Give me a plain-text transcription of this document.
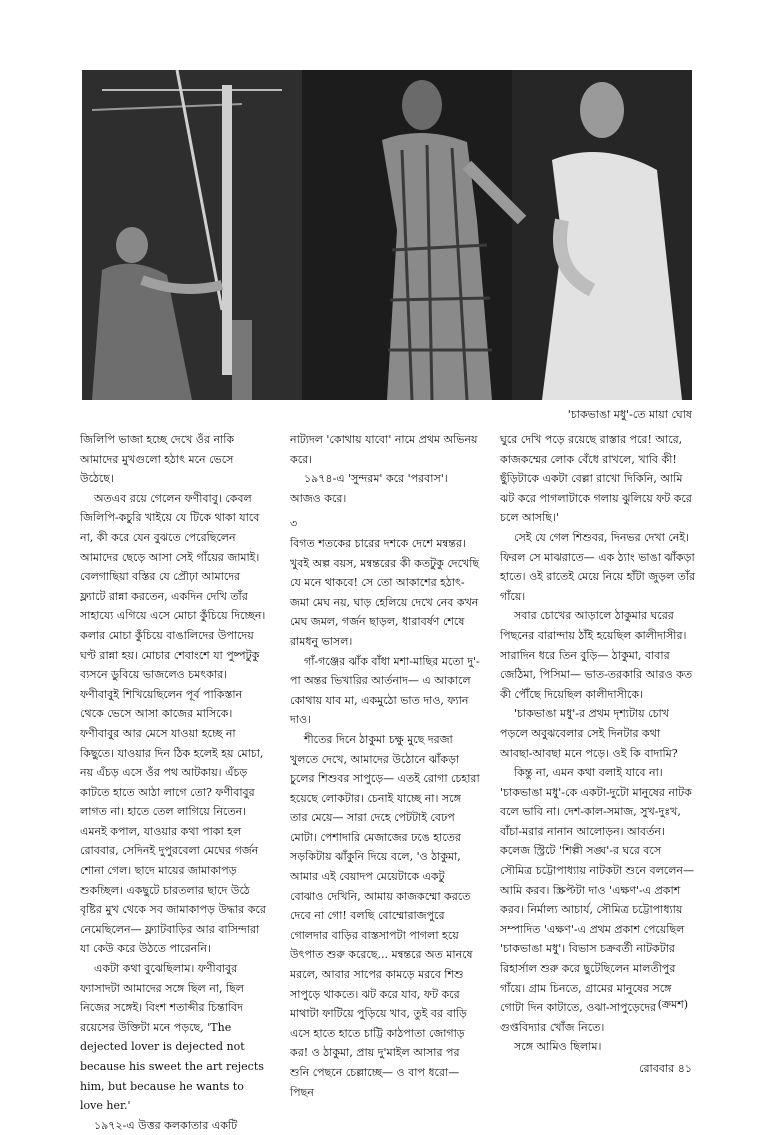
'চাকভাঙা মধু'-তে মায়া ঘোষ

জিলিপি ভাজা হচ্ছে দেখে ওঁর নাকি আমাদের মুখগুলো হঠাৎ মনে ভেসে উঠেছে।

অতএব রয়ে গেলেন ফণীবাবু। কেবল জিলিপি-কচুরি খাইয়ে যে টিকে থাকা যাবে না, কী করে যেন বুঝতে পেরেছিলেন আমাদের ছেড়ে আসা সেই গাঁয়ের জামাই। বেলগাছিয়া বস্তির যে প্রৌঢ়া আমাদের ফ্ল্যাটে রান্না করতেন, একদিন দেখি তাঁর সাহায্যে এগিয়ে এসে মোচা কুঁচিয়ে দিচ্ছেন। কলার মোচা কুঁচিয়ে বাঙালিদের উপাদেয় ঘণ্ট রান্না হয়। মোচার শেবাংশে যা পুষ্পটুকু ব্যসনে ডুবিয়ে ভাজলেও চমৎকার। ফণীবাবুই শিখিয়েছিলেন পূর্ব পাকিস্তান থেকে ভেসে আসা কাজের মাসিকে। ফণীবাবুর আর মেসে যাওয়া হচ্ছে না কিছুতে। যাওয়ার দিন ঠিক হলেই হয় মোচা, নয় এঁচড় এসে ওঁর পথ আটকায়। এঁচড় কাটতে হাতে আঠা লাগে তো? ফণীবাবুর লাগত না। হাতে তেল লাগিয়ে নিতেন। এমনই কপাল, যাওয়ার কথা পাকা হল রোববার, সেদিনই দুপুরবেলা মেঘের গর্জন শোনা গেল। ছাদে মায়ের জামাকাপড় শুকচ্ছিল। একছুটে চারতলার ছাদে উঠে বৃষ্টির মুখ থেকে সব জামাকাপড় উদ্ধার করে নেমেছিলেন— ফ্ল্যাটবাড়ির আর বাসিন্দারা যা কেউ করে উঠতে পারেননি।

একটা কথা বুঝেছিলাম। ফণীবাবুর ফ্যাসাদটা আমাদের সঙ্গে ছিল না, ছিল নিজের সঙ্গেই। বিংশ শতাব্দীর চিন্তাবিদ রয়েসের উক্তিটা মনে পড়ছে, 'The dejected lover is dejected not because his sweet the art rejects him, but because he wants to love her.'

১৯৭২-এ উত্তর কলকাতার একটি

নাট্যদল 'কোথায় যাবো' নামে প্রথম অভিনয় করে।

১৯৭৪-এ 'সুন্দরম' করে 'পরবাস'। আজও করে।

৩

বিগত শতকের চারের দশকে দেশে মন্বন্তর। খুবই অল্প বয়স, মন্বন্তরের কী কতটুকু দেখেছি যে মনে থাকবে! সে তো আকাশের হঠাৎ-জমা মেঘ নয়, ঘাড় হেলিয়ে দেখে নেব কখন মেঘ জমল, গর্জন ছাড়ল, ধারাবর্ষণ শেষে রামধনু ভাসল।

গাঁ-গঞ্জের ঝাঁক বাঁধা মশা-মাছির মতো দু'-পা অন্তর ভিখারির আর্তনাদ— এ আকালে কোথায় যাব মা, একমুঠো ভাত দাও, ফ্যান দাও।

শীতের দিনে ঠাকুমা চক্ষু মুছে দরজা খুলতে দেখে, আমাদের উঠোনে ঝাঁকড়া চুলের শিশুবর সাপুড়ে— এতই রোগা চেহারা হয়েছে লোকটার। চেনাই যাচ্ছে না। সঙ্গে তার মেয়ে— সারা দেহে পেটটাই বেঢপ মোটা। পেশাদারি মেজাজের ঢঙে হাতের সড়কিটায় ঝাঁকুনি দিয়ে বলে, 'ও ঠাকুমা, আমার এই বেয়াদপ মেয়েটাকে একটু বোঝাও দেখিনি, আমায় কাজকম্মো করতে দেবে না গো! বলছি বোম্মোরাজপুরে গোলদার বাড়ির বাস্তসাপটা পাগলা হয়ে উৎপাত শুরু করেছে... মন্বন্তরে অত মানষে মরলে, আবার সাপের কামড়ে মরবে শিশু সাপুড়ে থাকতে। ঝট করে যাব, ফট করে মাথাটা ফাটিয়ে পুড়িয়ে খাব, তুই বর বাড়ি এসে হাতে হাতে চাট্টি কাঠপাতা জোগাড় কর! ও ঠাকুমা, প্রায় দু'মাইল আসার পর শুনি পেছনে চেল্লাচ্ছে— ও বাপ ধরো— পিছন

ঘুরে দেখি পড়ে রয়েছে রাস্তার পরে! আরে, কাজকম্মের লোক বেঁধে রাখলে, খাবি কী! ছুঁড়িটাকে একটা বেল্লা রাখো দিকিনি, আমি ঝট করে পাগলাটাকে গলায় ঝুলিয়ে ফট করে চলে আসছি।'

সেই যে গেল শিশুবর, দিনভর দেখা নেই। ফিরল সে মাঝরাতে— এক ঠ্যাং ভাঙা ঝাঁকড়া হাতে। ওই রাতেই মেয়ে নিয়ে হাঁটা জুড়ল তাঁর গাঁয়ে।

সবার চোখের আড়ালে ঠাকুমার ঘরের পিছনের বারান্দায় ঠাঁই হয়েছিল কালীদাসীর। সারাদিন ধরে তিন বুড়ি— ঠাকুমা, বাবার জেঠিমা, পিসিমা— ভাত-তরকারি আরও কত কী পৌঁছে দিয়েছিল কালীদাসীকে।

'চাকভাঙা মধু'-র প্রথম দৃশ্যটায় চোখ পড়লে অবুঝবেলার সেই দিনটার কথা আবছা-আবছা মনে পড়ে। ওই কি বাদামি?

কিন্তু না, এমন কথা বলাই যাবে না। 'চাকভাঙা মধু'-কে একটা-দুটো মানুষের নাটক বলে ভাবি না। দেশ-কাল-সমাজ, সুখ-দুঃখ, বাঁচা-মরার নানান আলোড়ন। আবর্তন। কলেজ স্ট্রিটে 'শিল্পী সঙ্ঘ'-র ঘরে বসে সৌমিত্র চট্টোপাধ্যায় নাটকটা শুনে বললেন— আমি করব। স্ক্রিপ্টটা দাও 'এক্ষণ'-এ প্রকাশ করব। নির্মাল্য আচার্য, সৌমিত্র চট্টোপাধ্যায় সম্পাদিত 'এক্ষণ'-এ প্রথম প্রকাশ পেয়েছিল 'চাকভাঙা মধু'। বিভাস চক্রবর্তী নাটকটার রিহার্সাল শুরু করে ছুটেছিলেন মালতীপুর গাঁয়ে। গ্রাম চিনতে, গ্রামের মানুষের সঙ্গে গোটা দিন কাটাতে, ওঝা-সাপুড়েদের গুপ্তবিদ্যার খোঁজ নিতে।

সঙ্গে আমিও ছিলাম।

(ক্রমশ)
রোববার ৪১
